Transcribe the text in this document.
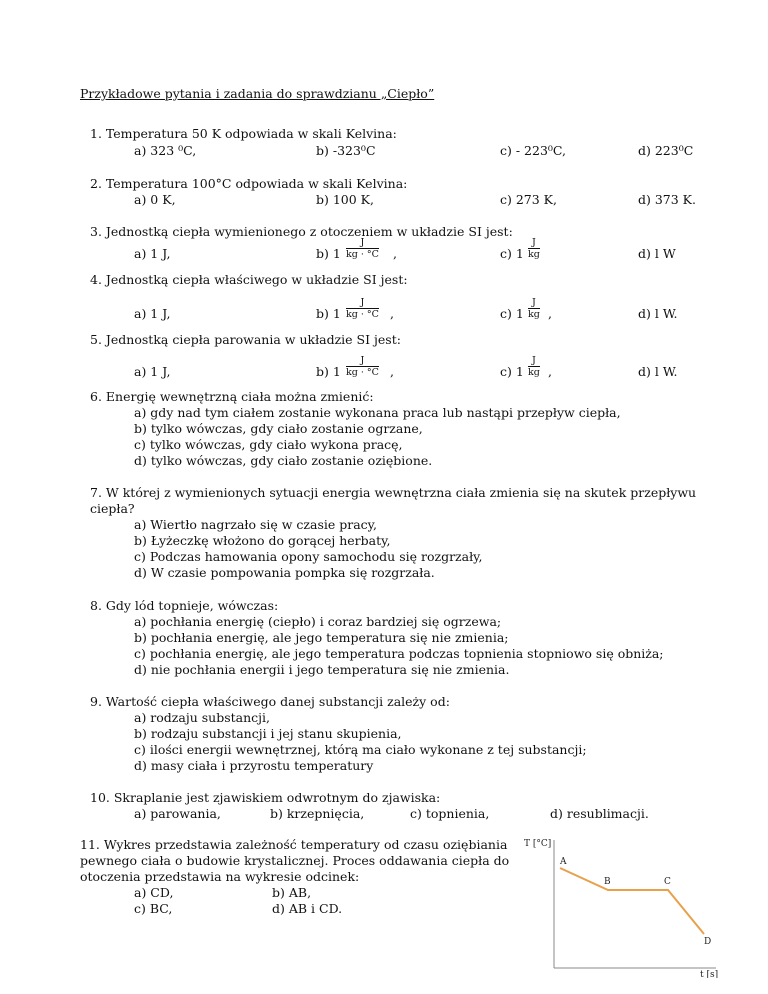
Przykładowe pytania i zadania do sprawdzianu „Ciepło”
1. Temperatura 50 K odpowiada w skali Kelvina:
a) 323 ⁰C,	b) -323⁰C	c) - 223⁰C,	d) 223⁰C
2. Temperatura 100°C odpowiada w skali Kelvina:
a) 0 K,	b) 100 K,	c) 273 K,	d) 373 K.
3. Jednostką ciepła wymienionego z otoczeniem w układzie SI jest:
a) 1 J,	b) $1 \frac{J}{kg \cdot ^\circ C}$ ,	c) $1 \frac{J}{kg}$	d) l W
4. Jednostką ciepła właściwego w układzie SI jest:
a) 1 J,	b) $1 \frac{J}{kg \cdot ^\circ C}$ ,	c) $1 \frac{J}{kg}$ ,	d) l W.
5. Jednostką ciepła parowania w układzie SI jest:
a) 1 J,	b) $1 \frac{J}{kg \cdot ^\circ C}$ ,	c) $1 \frac{J}{kg}$ ,	d) l W.
6. Energię wewnętrzną ciała można zmienić:
a) gdy nad tym ciałem zostanie wykonana praca lub nastąpi przepływ ciepła,
b) tylko wówczas, gdy ciało zostanie ogrzane,
c) tylko wówczas, gdy ciało wykona pracę,
d) tylko wówczas, gdy ciało zostanie oziębione.
7. W której z wymienionych sytuacji energia wewnętrzna ciała zmienia się na skutek przepływu
ciepła?
a) Wiertło nagrzało się w czasie pracy,
b) Łyżeczkę włożono do gorącej herbaty,
c) Podczas hamowania opony samochodu się rozgrzały,
d) W czasie pompowania pompka się rozgrzała.
8. Gdy lód topnieje, wówczas:
a) pochłania energię (ciepło) i coraz bardziej się ogrzewa;
b) pochłania energię, ale jego temperatura się nie zmienia;
c) pochłania energię, ale jego temperatura podczas topnienia stopniowo się obniża;
d) nie pochłania energii i jego temperatura się nie zmienia.
9. Wartość ciepła właściwego danej substancji zależy od:
a) rodzaju substancji,
b) rodzaju substancji i jej stanu skupienia,
c) ilości energii wewnętrznej, którą ma ciało wykonane z tej substancji;
d) masy ciała i przyrostu temperatury
10. Skraplanie jest zjawiskiem odwrotnym do zjawiska:
a) parowania,	b) krzepnięcia,	c) topnienia,	d) resublimacji.
11. Wykres przedstawia zależność temperatury od czasu oziębiania
pewnego ciała o budowie krystalicznej. Proces oddawania ciepła do
otoczenia przedstawia na wykresie odcinek:
a) CD,	b) AB,
c) BC,	d) AB i CD.
T [°C]
t [s]
A
B	C
D
